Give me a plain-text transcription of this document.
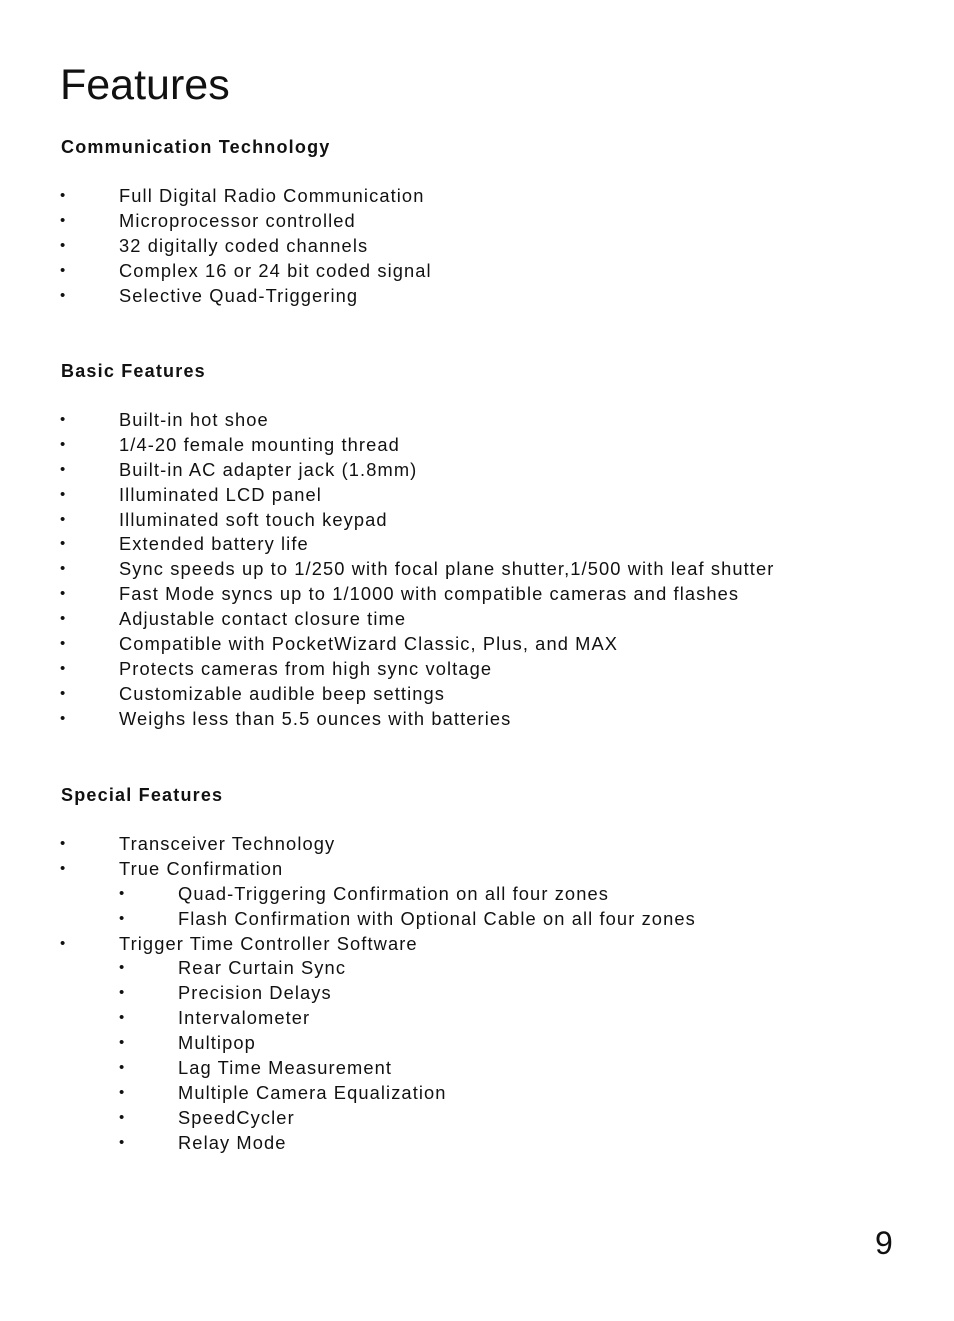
Features
Communication Technology
•	Full Digital Radio Communication
•	Microprocessor controlled
•	32 digitally coded channels
•	Complex 16 or 24 bit coded signal
•	Selective Quad-Triggering
Basic Features
•	Built-in hot shoe
•	1/4-20 female mounting thread
•	Built-in AC adapter jack (1.8mm)
•	Illuminated LCD panel
•	Illuminated soft touch keypad
•	Extended battery life
•	Sync speeds up to 1/250 with focal plane shutter,1/500 with leaf shutter
•	Fast Mode syncs up to 1/1000 with compatible cameras and flashes
•	Adjustable contact closure time
•	Compatible with PocketWizard Classic, Plus, and MAX
•	Protects cameras from high sync voltage
•	Customizable audible beep settings
•	Weighs less than 5.5 ounces with batteries
Special Features
•	Transceiver Technology
•	True Confirmation
•	Quad-Triggering Confirmation on all four zones
•	Flash Confirmation with Optional Cable on all four zones
•	Trigger Time Controller Software
•	Rear Curtain Sync
•	Precision Delays
•	Intervalometer
•	Multipop
•	Lag Time Measurement
•	Multiple Camera Equalization
•	SpeedCycler
•	Relay Mode
9
